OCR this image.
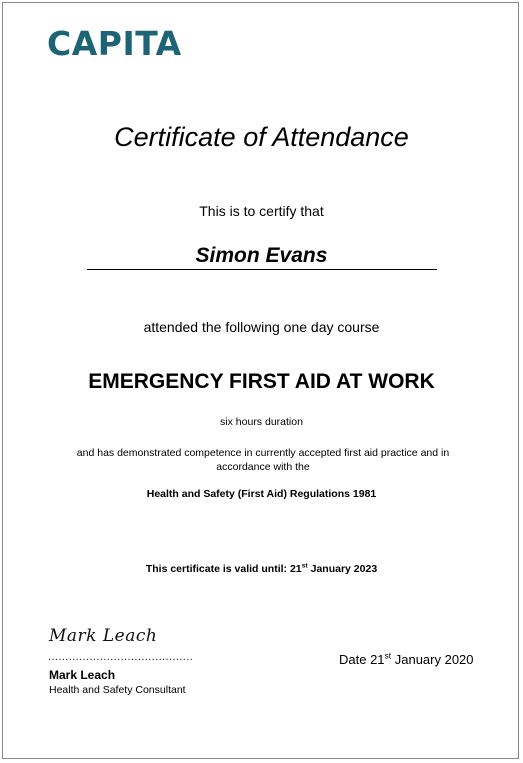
CAPITA
Certificate of Attendance
This is to certify that
Simon Evans
attended the following one day course
EMERGENCY FIRST AID AT WORK
six hours duration
and has demonstrated competence in currently accepted first aid practice and in accordance with the
Health and Safety (First Aid) Regulations 1981
This certificate is valid until: 21st January 2023
Mark Leach
..........................................
Mark Leach
Health and Safety Consultant
Date 21st January 2020
